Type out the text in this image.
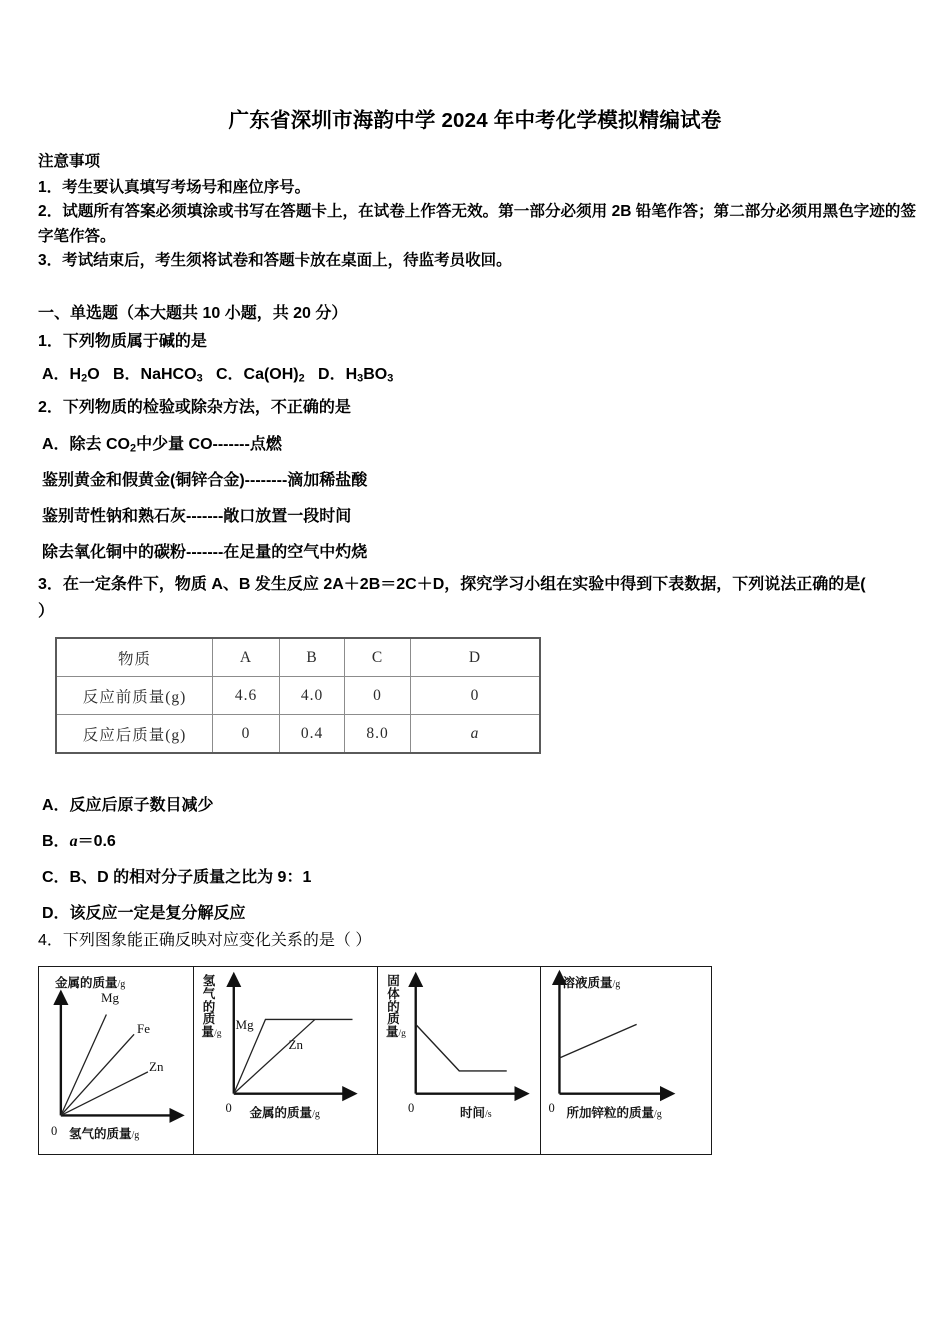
广东省深圳市海韵中学 2024 年中考化学模拟精编试卷
注意事项
1．考生要认真填写考场号和座位序号。
2．试题所有答案必须填涂或书写在答题卡上，在试卷上作答无效。第一部分必须用 2B 铅笔作答；第二部分必须用黑色字迹的签字笔作答。
3．考试结束后，考生须将试卷和答题卡放在桌面上，待监考员收回。
一、单选题（本大题共 10 小题，共 20 分）
1．下列物质属于碱的是
A．$H_2O$ B．NaHCO$_3$ C．$Ca(OH)_2$ D．$H_3BO_3$
2．下列物质的检验或除杂方法，不正确的是
A．除去 $CO_2$中少量 CO-------点燃
鉴别黄金和假黄金(铜锌合金)--------滴加稀盐酸
鉴别苛性钠和熟石灰-------敞口放置一段时间
除去氧化铜中的碳粉-------在足量的空气中灼烧
3．在一定条件下，物质 A、B 发生反应 2A＋2B＝2C＋D，探究学习小组在实验中得到下表数据，下列说法正确的是(
）
物质	A	B	C	D
反应前质量(g)	4.6	4.0	0	0
反应后质量(g)	0	0.4	8.0	a
A．反应后原子数目减少
B．a＝0.6
C．B、D 的相对分子质量之比为 9：1
D．该反应一定是复分解反应
4．下列图象能正确反映对应变化关系的是（ ）
金属的质量/g
Mg
Fe
Zn
0 氢气的质量/g
氢气的质量/g
Mg
Zn
0 金属的质量/g
固体的质量/g
0	时间/s
溶液质量/g
0 所加锌粒的质量/g
